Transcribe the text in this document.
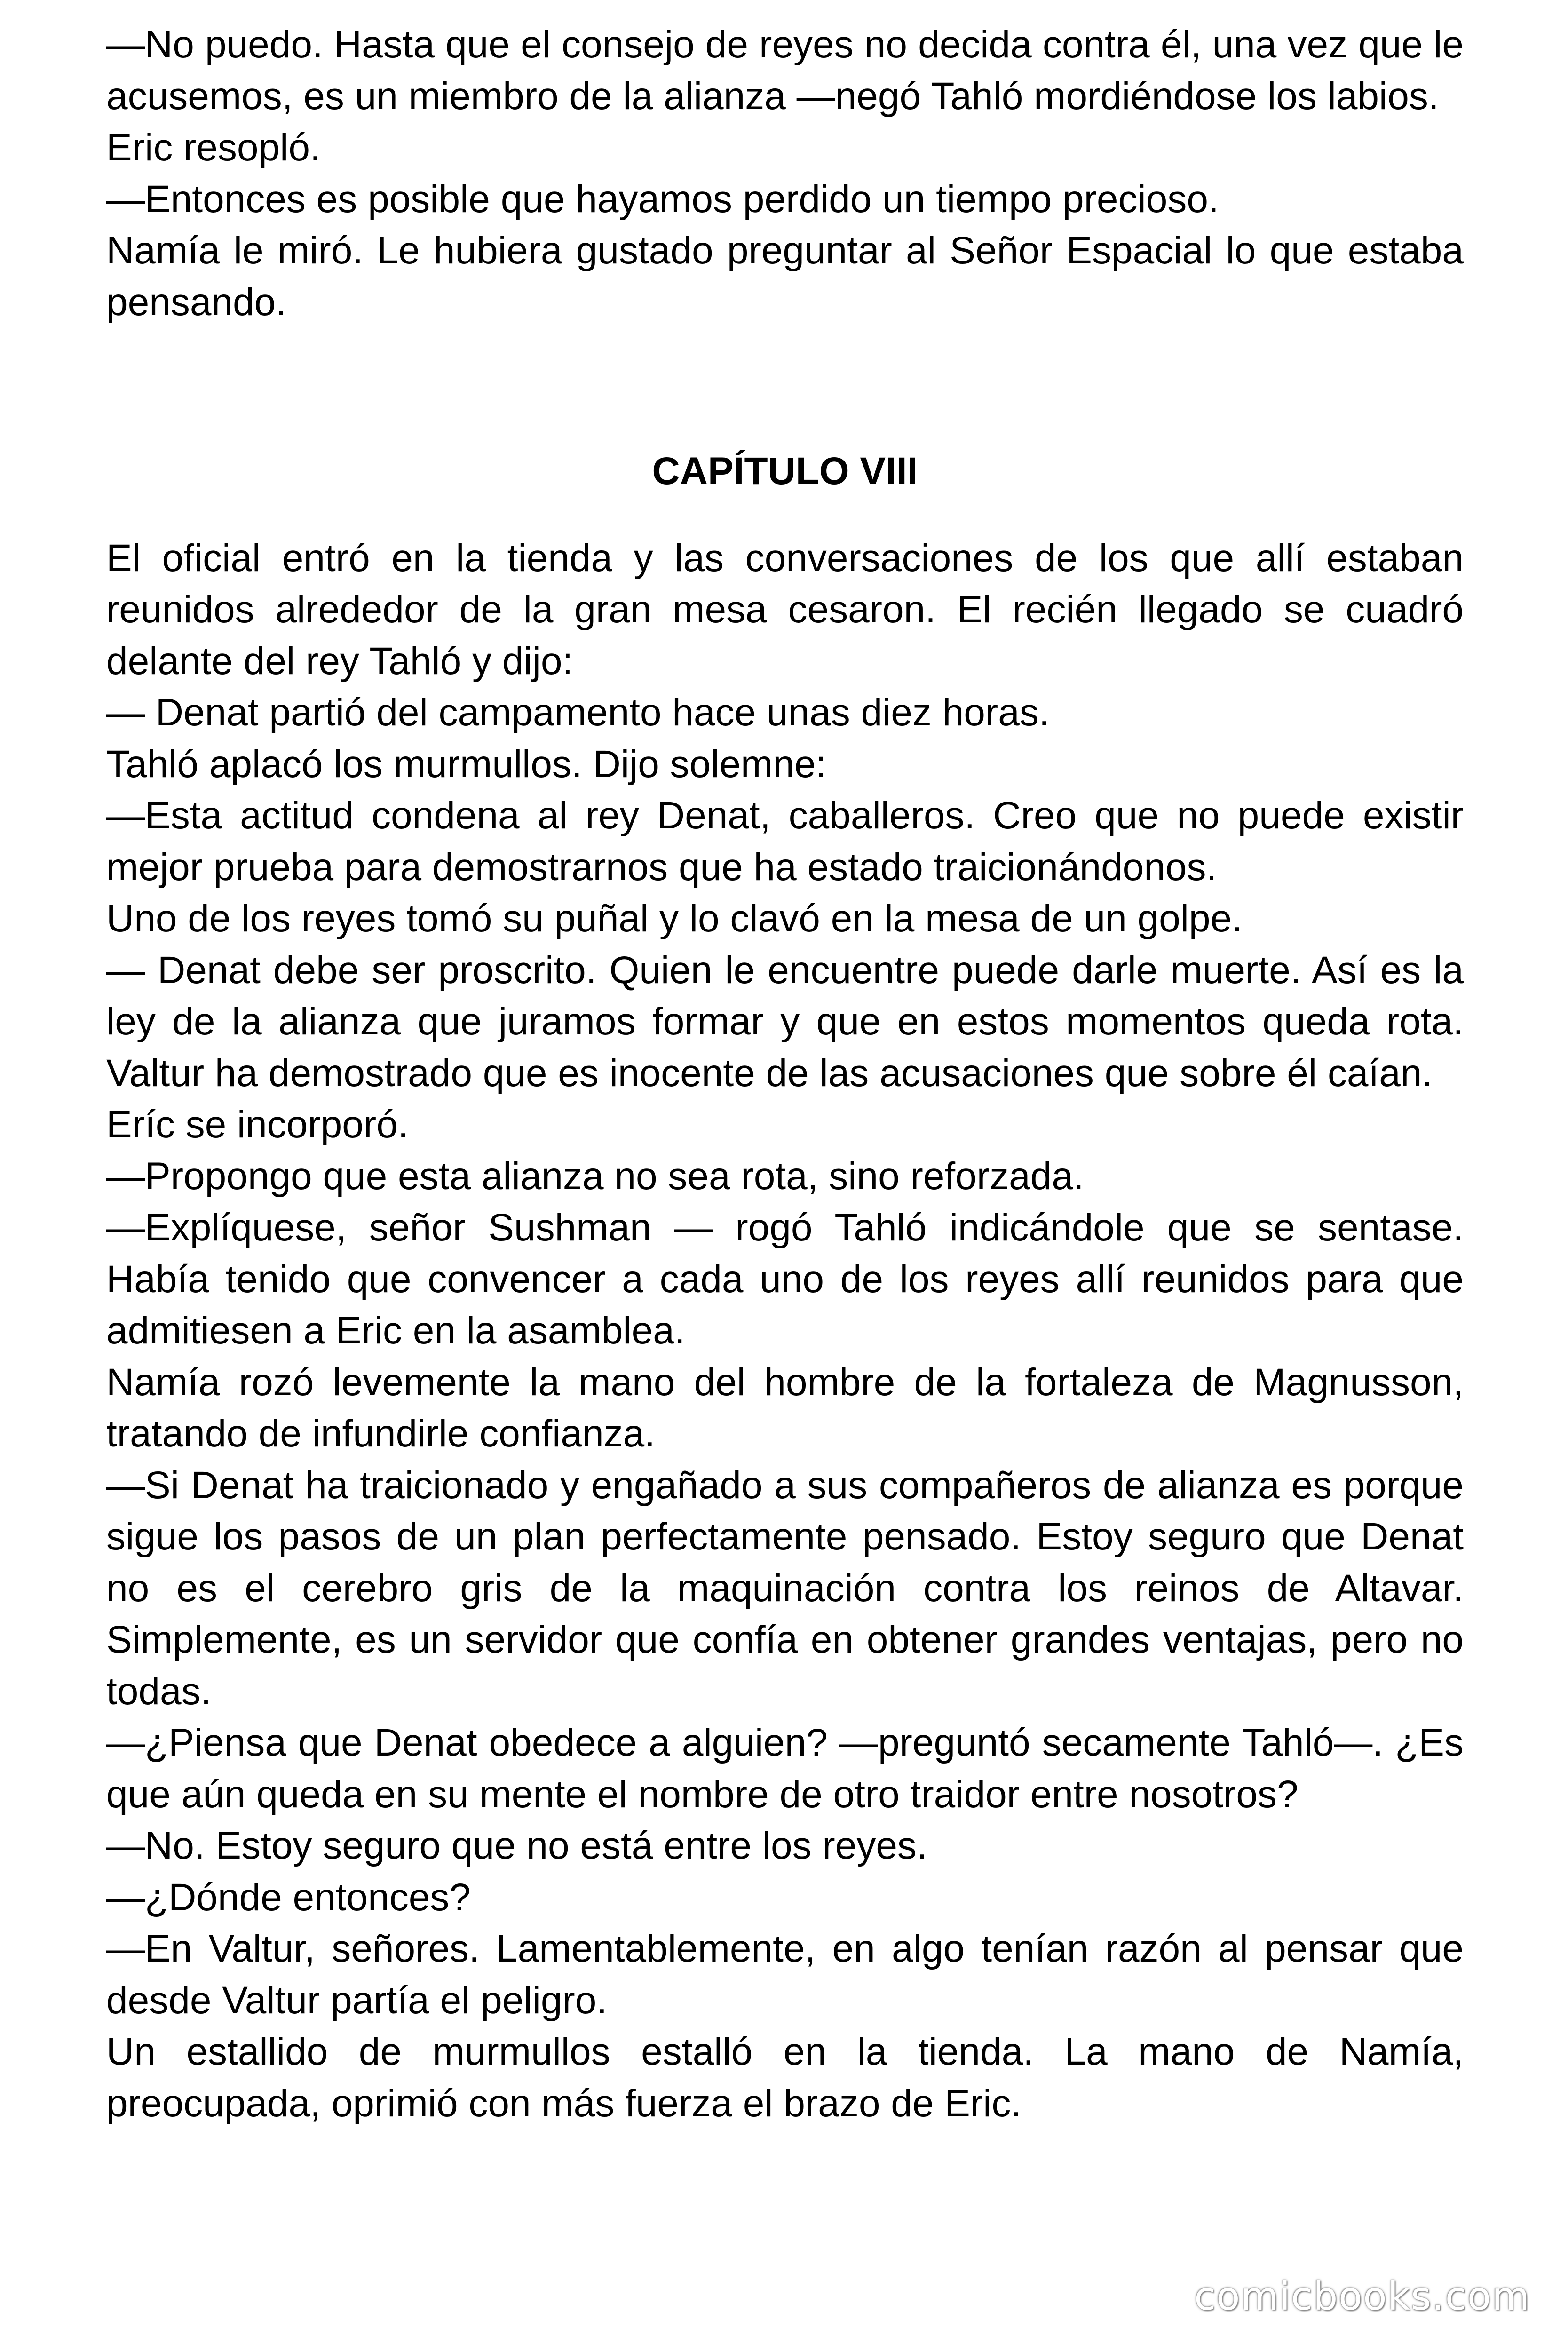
—No puedo. Hasta que el consejo de reyes no decida contra él, una vez que le acusemos, es un miembro de la alianza —negó Tahló mordiéndose los labios.

Eric resopló.

—Entonces es posible que hayamos perdido un tiempo precioso.

Namía le miró. Le hubiera gustado preguntar al Señor Espacial lo que estaba pensando.

CAPÍTULO VIII

El oficial entró en la tienda y las conversaciones de los que allí estaban reunidos alrededor de la gran mesa cesaron. El recién llegado se cuadró delante del rey Tahló y dijo:

— Denat partió del campamento hace unas diez horas.

Tahló aplacó los murmullos. Dijo solemne:

—Esta actitud condena al rey Denat, caballeros. Creo que no puede existir mejor prueba para demostrarnos que ha estado traicionándonos.

Uno de los reyes tomó su puñal y lo clavó en la mesa de un golpe.

— Denat debe ser proscrito. Quien le encuentre puede darle muerte. Así es la ley de la alianza que juramos formar y que en estos momentos queda rota. Valtur ha demostrado que es inocente de las acusaciones que sobre él caían.

Eríc se incorporó.

—Propongo que esta alianza no sea rota, sino reforzada.

—Explíquese, señor Sushman — rogó Tahló indicándole que se sentase. Había tenido que convencer a cada uno de los reyes allí reunidos para que admitiesen a Eric en la asamblea.

Namía rozó levemente la mano del hombre de la fortaleza de Magnusson, tratando de infundirle confianza.

—Si Denat ha traicionado y engañado a sus compañeros de alianza es porque sigue los pasos de un plan perfectamente pensado. Estoy seguro que Denat no es el cerebro gris de la maquinación contra los reinos de Altavar. Simplemente, es un servidor que confía en obtener grandes ventajas, pero no todas.

—¿Piensa que Denat obedece a alguien? —preguntó secamente Tahló—. ¿Es que aún queda en su mente el nombre de otro traidor entre nosotros?

—No. Estoy seguro que no está entre los reyes.

—¿Dónde entonces?

—En Valtur, señores. Lamentablemente, en algo tenían razón al pensar que desde Valtur partía el peligro.

Un estallido de murmullos estalló en la tienda. La mano de Namía, preocupada, oprimió con más fuerza el brazo de Eric.

comicbooks.com
